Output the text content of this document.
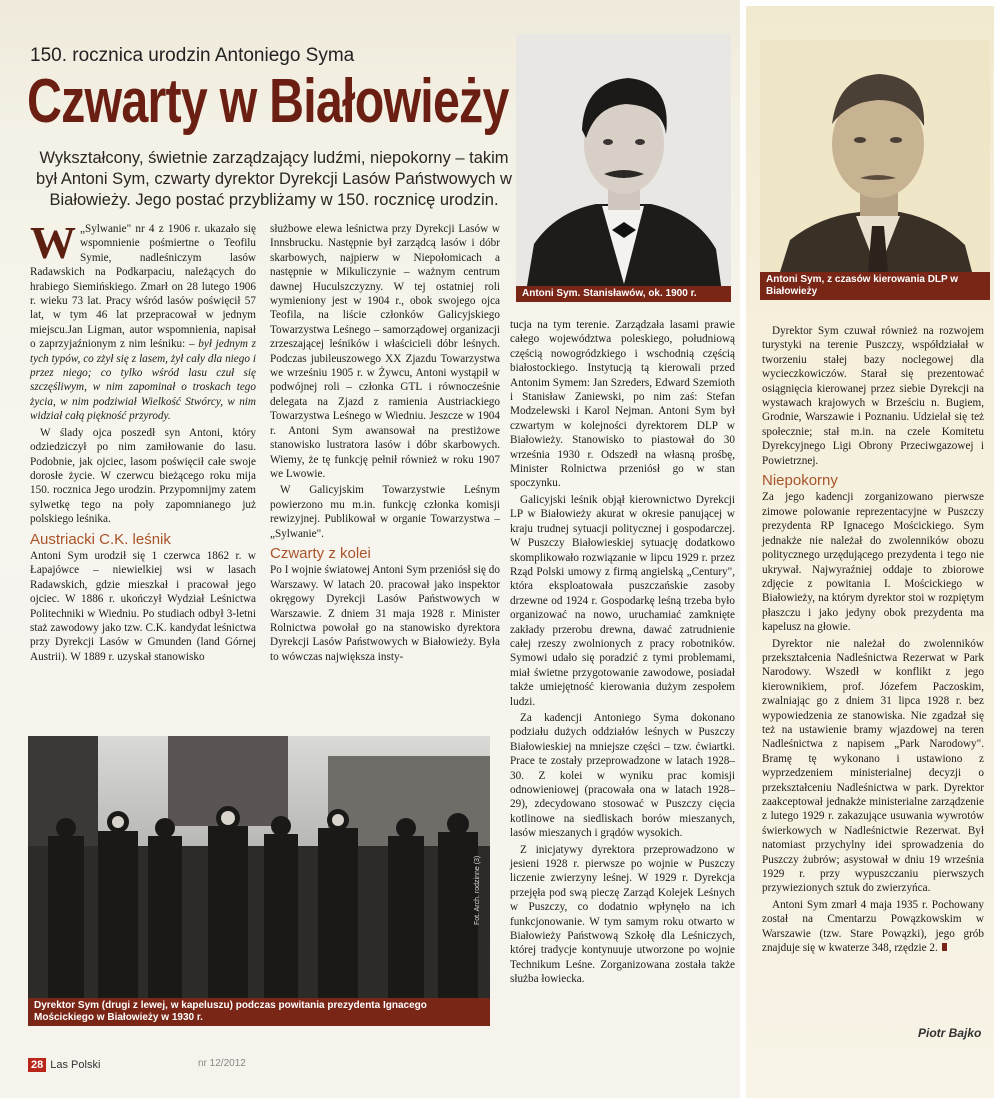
150. rocznica urodzin Antoniego Syma
Czwarty w Białowieży
Wykształcony, świetnie zarządzający ludźmi, niepokorny – takim był Antoni Sym, czwarty dyrektor Dyrekcji Lasów Państwowych w Białowieży. Jego postać przybliżamy w 150. rocznicę urodzin.
Antoni Sym. Stanisławów, ok. 1900 r.
Antoni Sym, z czasów kierowania DLP w Białowieży

W „Sylwanie" nr 4 z 1906 r. ukazało się wspomnienie pośmiertne o Teofilu Symie, nadleśniczym lasów Radawskich na Podkarpaciu, należących do hrabiego Siemińskiego. Zmarł on 28 lutego 1906 r. wieku 73 lat. Pracy wśród lasów poświęcił 57 lat, w tym 46 lat przepracował w jednym miejscu.Jan Ligman, autor wspomnienia, napisał o zaprzyjaźnionym z nim leśniku: – był jednym z tych typów, co zżył się z lasem, żył cały dla niego i przez niego; co tylko wśród lasu czuł się szczęśliwym, w nim zapominał o troskach tego życia, w nim podziwiał Wielkość Stwórcy, w nim widział całą piękność przyrody.

W ślady ojca poszedł syn Antoni, który odziedziczył po nim zamiłowanie do lasu. Podobnie, jak ojciec, lasom poświęcił całe swoje dorosłe życie. W czerwcu bieżącego roku mija 150. rocznica Jego urodzin. Przypomnijmy zatem sylwetkę tego na poły zapomnianego już polskiego leśnika.

Austriacki C.K. leśnik

Antoni Sym urodził się 1 czerwca 1862 r. w Łapajówce – niewielkiej wsi w lasach Radawskich, gdzie mieszkał i pracował jego ojciec. W 1886 r. ukończył Wydział Leśnictwa Politechniki w Wiedniu. Po studiach odbył 3-letni staż zawodowy jako tzw. C.K. kandydat leśnictwa przy Dyrekcji Lasów w Gmunden (land Górnej Austrii). W 1889 r. uzyskał stanowisko

służbowe elewa leśnictwa przy Dyrekcji Lasów w Innsbrucku. Następnie był zarządcą lasów i dóbr skarbowych, najpierw w Niepołomicach a następnie w Mikuliczynie – ważnym centrum dawnej Huculszczyzny. W tej ostatniej roli wymieniony jest w 1904 r., obok swojego ojca Teofila, na liście członków Galicyjskiego Towarzystwa Leśnego – samorządowej organizacji zrzeszającej leśników i właścicieli dóbr leśnych. Podczas jubileuszowego XX Zjazdu Towarzystwa we wrześniu 1905 r. w Żywcu, Antoni wystąpił w podwójnej roli – członka GTL i równocześnie delegata na Zjazd z ramienia Austriackiego Towarzystwa Leśnego w Wiedniu. Jeszcze w 1904 r. Antoni Sym awansował na prestiżowe stanowisko lustratora lasów i dóbr skarbowych. Wiemy, że tę funkcję pełnił również w roku 1907 we Lwowie.

W Galicyjskim Towarzystwie Leśnym powierzono mu m.in. funkcję członka komisji rewizyjnej. Publikował w organie Towarzystwa – „Sylwanie".

Czwarty z kolei

Po I wojnie światowej Antoni Sym przeniósł się do Warszawy. W latach 20. pracował jako inspektor okręgowy Dyrekcji Lasów Państwowych w Warszawie. Z dniem 31 maja 1928 r. Minister Rolnictwa powołał go na stanowisko dyrektora Dyrekcji Lasów Państwowych w Białowieży. Była to wówczas największa insty-

tucja na tym terenie. Zarządzała lasami prawie całego województwa poleskiego, południową częścią nowogródzkiego i wschodnią częścią białostockiego. Instytucją tą kierowali przed Antonim Symem: Jan Szreders, Edward Szemioth i Stanisław Zaniewski, po nim zaś: Stefan Modzelewski i Karol Nejman. Antoni Sym był czwartym w kolejności dyrektorem DLP w Białowieży. Stanowisko to piastował do 30 września 1930 r. Odszedł na własną prośbę, Minister Rolnictwa przeniósł go w stan spoczynku.

Galicyjski leśnik objął kierownictwo Dyrekcji LP w Białowieży akurat w okresie panującej w kraju trudnej sytuacji politycznej i gospodarczej. W Puszczy Białowieskiej sytuację dodatkowo skomplikowało rozwiązanie w lipcu 1929 r. przez Rząd Polski umowy z firmą angielską „Century", która eksploatowała puszczańskie zasoby drzewne od 1924 r. Gospodarkę leśną trzeba było organizować na nowo, uruchamiać zamknięte zakłady przerobu drewna, dawać zatrudnienie całej rzeszy zwolnionych z pracy robotników. Symowi udało się poradzić z tymi problemami, miał świetne przygotowanie zawodowe, posiadał także umiejętność kierowania dużym zespołem ludzi.

Za kadencji Antoniego Syma dokonano podziału dużych oddziałów leśnych w Puszczy Białowieskiej na mniejsze części – tzw. ćwiartki. Prace te zostały przeprowadzone w latach 1928–30. Z kolei w wyniku prac komisji odnowieniowej (pracowała ona w latach 1928–29), zdecydowano stosować w Puszczy cięcia kotlinowe na siedliskach borów mieszanych, lasów mieszanych i grądów wysokich.

Z inicjatywy dyrektora przeprowadzono w jesieni 1928 r. pierwsze po wojnie w Puszczy liczenie zwierzyny leśnej. W 1929 r. Dyrekcja przejęła pod swą pieczę Zarząd Kolejek Leśnych w Puszczy, co dodatnio wpłynęło na ich funkcjonowanie. W tym samym roku otwarto w Białowieży Państwową Szkołę dla Leśniczych, której tradycje kontynuuje utworzone po wojnie Technikum Leśne. Zorganizowana została także służba łowiecka.

Dyrektor Sym czuwał również na rozwojem turystyki na terenie Puszczy, współdziałał w tworzeniu stałej bazy noclegowej dla wycieczkowiczów. Starał się prezentować osiągnięcia kierowanej przez siebie Dyrekcji na wystawach krajowych w Brześciu n. Bugiem, Grodnie, Warszawie i Poznaniu. Udzielał się też społecznie; stał m.in. na czele Komitetu Dyrekcyjnego Ligi Obrony Przeciwgazowej i Powietrznej.

Niepokorny

Za jego kadencji zorganizowano pierwsze zimowe polowanie reprezentacyjne w Puszczy prezydenta RP Ignacego Mościckiego. Sym jednakże nie należał do zwolenników obozu politycznego urzędującego prezydenta i tego nie ukrywał. Najwyraźniej oddaje to zbiorowe zdjęcie z powitania I. Mościckiego w Białowieży, na którym dyrektor stoi w rozpiętym płaszczu i jako jedyny obok prezydenta ma kapelusz na głowie.

Dyrektor nie należał do zwolenników przekształcenia Nadleśnictwa Rezerwat w Park Narodowy. Wszedł w konflikt z jego kierownikiem, prof. Józefem Paczoskim, zwalniając go z dniem 31 lipca 1928 r. bez wypowiedzenia ze stanowiska. Nie zgadzał się też na ustawienie bramy wjazdowej na teren Nadleśnictwa z napisem „Park Narodowy". Bramę tę wykonano i ustawiono z wyprzedzeniem ministerialnej decyzji o przekształceniu Nadleśnictwa w park. Dyrektor zaakceptował jednakże ministerialne zarządzenie z lutego 1929 r. zakazujące usuwania wywrotów świerkowych w Nadleśnictwie Rezerwat. Był natomiast przychylny idei sprowadzenia do Puszczy żubrów; asystował w dniu 19 września 1929 r. przy wypuszczaniu pierwszych przywiezionych sztuk do zwierzyńca.

Antoni Sym zmarł 4 maja 1935 r. Pochowany został na Cmentarzu Powązkowskim w Warszawie (tzw. Stare Powązki), jego grób znajduje się w kwaterze 348, rzędzie 2.

Piotr Bajko
Fot. Arch. rodzinne (3)
Dyrektor Sym (drugi z lewej, w kapeluszu) podczas powitania prezydenta Ignacego Mościckiego w Białowieży w 1930 r.
28 Las Polski	nr 12/2012
